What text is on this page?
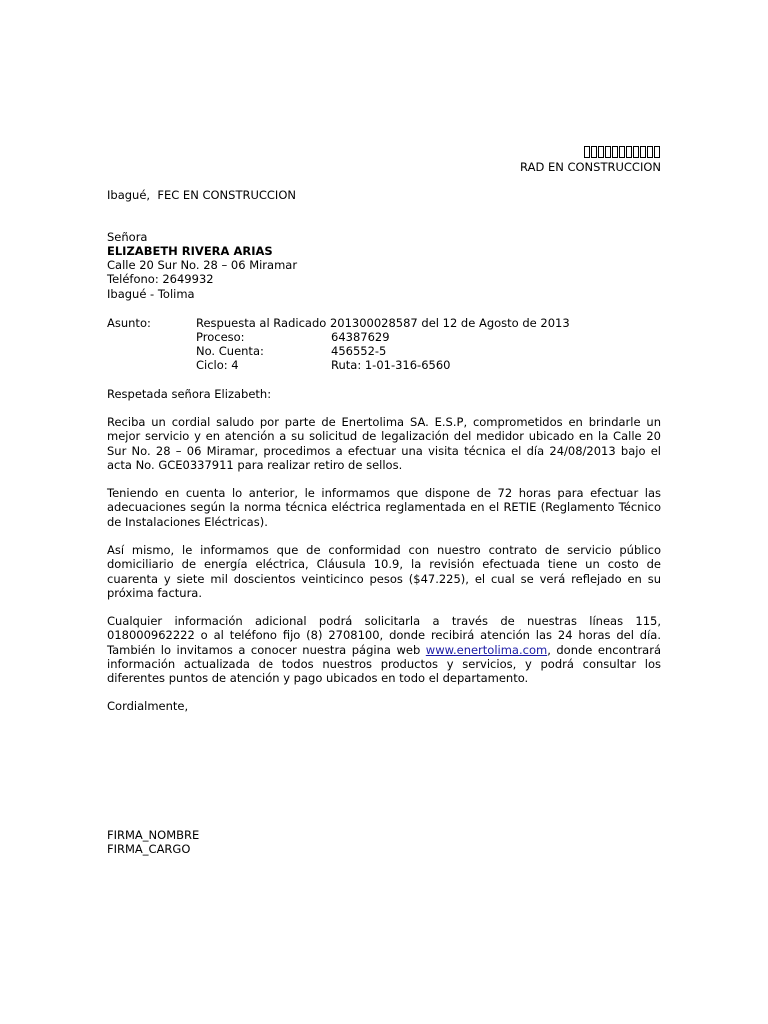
RAD EN CONSTRUCCION
Ibagué,  FEC EN CONSTRUCCION
Señora
ELIZABETH RIVERA ARIAS
Calle 20 Sur No. 28 – 06 Miramar
Teléfono: 2649932
Ibagué - Tolima
Asunto:	Respuesta al Radicado 201300028587 del 12 de Agosto de 2013
Proceso:	64387629
No. Cuenta:	456552-5
Ciclo: 4	Ruta: 1-01-316-6560
Respetada señora Elizabeth:
Reciba un cordial saludo por parte de Enertolima SA. E.S.P, comprometidos en brindarle un mejor servicio y en atención a su solicitud de legalización del medidor ubicado en la Calle 20 Sur No. 28 – 06 Miramar, procedimos a efectuar una visita técnica el día 24/08/2013 bajo el acta No. GCE0337911 para realizar retiro de sellos.
Teniendo en cuenta lo anterior, le informamos que dispone de 72 horas para efectuar las adecuaciones según la norma técnica eléctrica reglamentada en el RETIE (Reglamento Técnico de Instalaciones Eléctricas).
Así mismo, le informamos que de conformidad con nuestro contrato de servicio público domiciliario de energía eléctrica, Cláusula 10.9, la revisión efectuada tiene un costo de cuarenta y siete mil doscientos veinticinco pesos ($47.225), el cual se verá reflejado en su próxima factura.
Cualquier información adicional podrá solicitarla a través de nuestras líneas 115, 018000962222 o al teléfono fijo (8) 2708100, donde recibirá atención las 24 horas del día. También lo invitamos a conocer nuestra página web www.enertolima.com, donde encontrará información actualizada de todos nuestros productos y servicios, y podrá consultar los diferentes puntos de atención y pago ubicados en todo el departamento.
Cordialmente,
FIRMA_NOMBRE
FIRMA_CARGO
